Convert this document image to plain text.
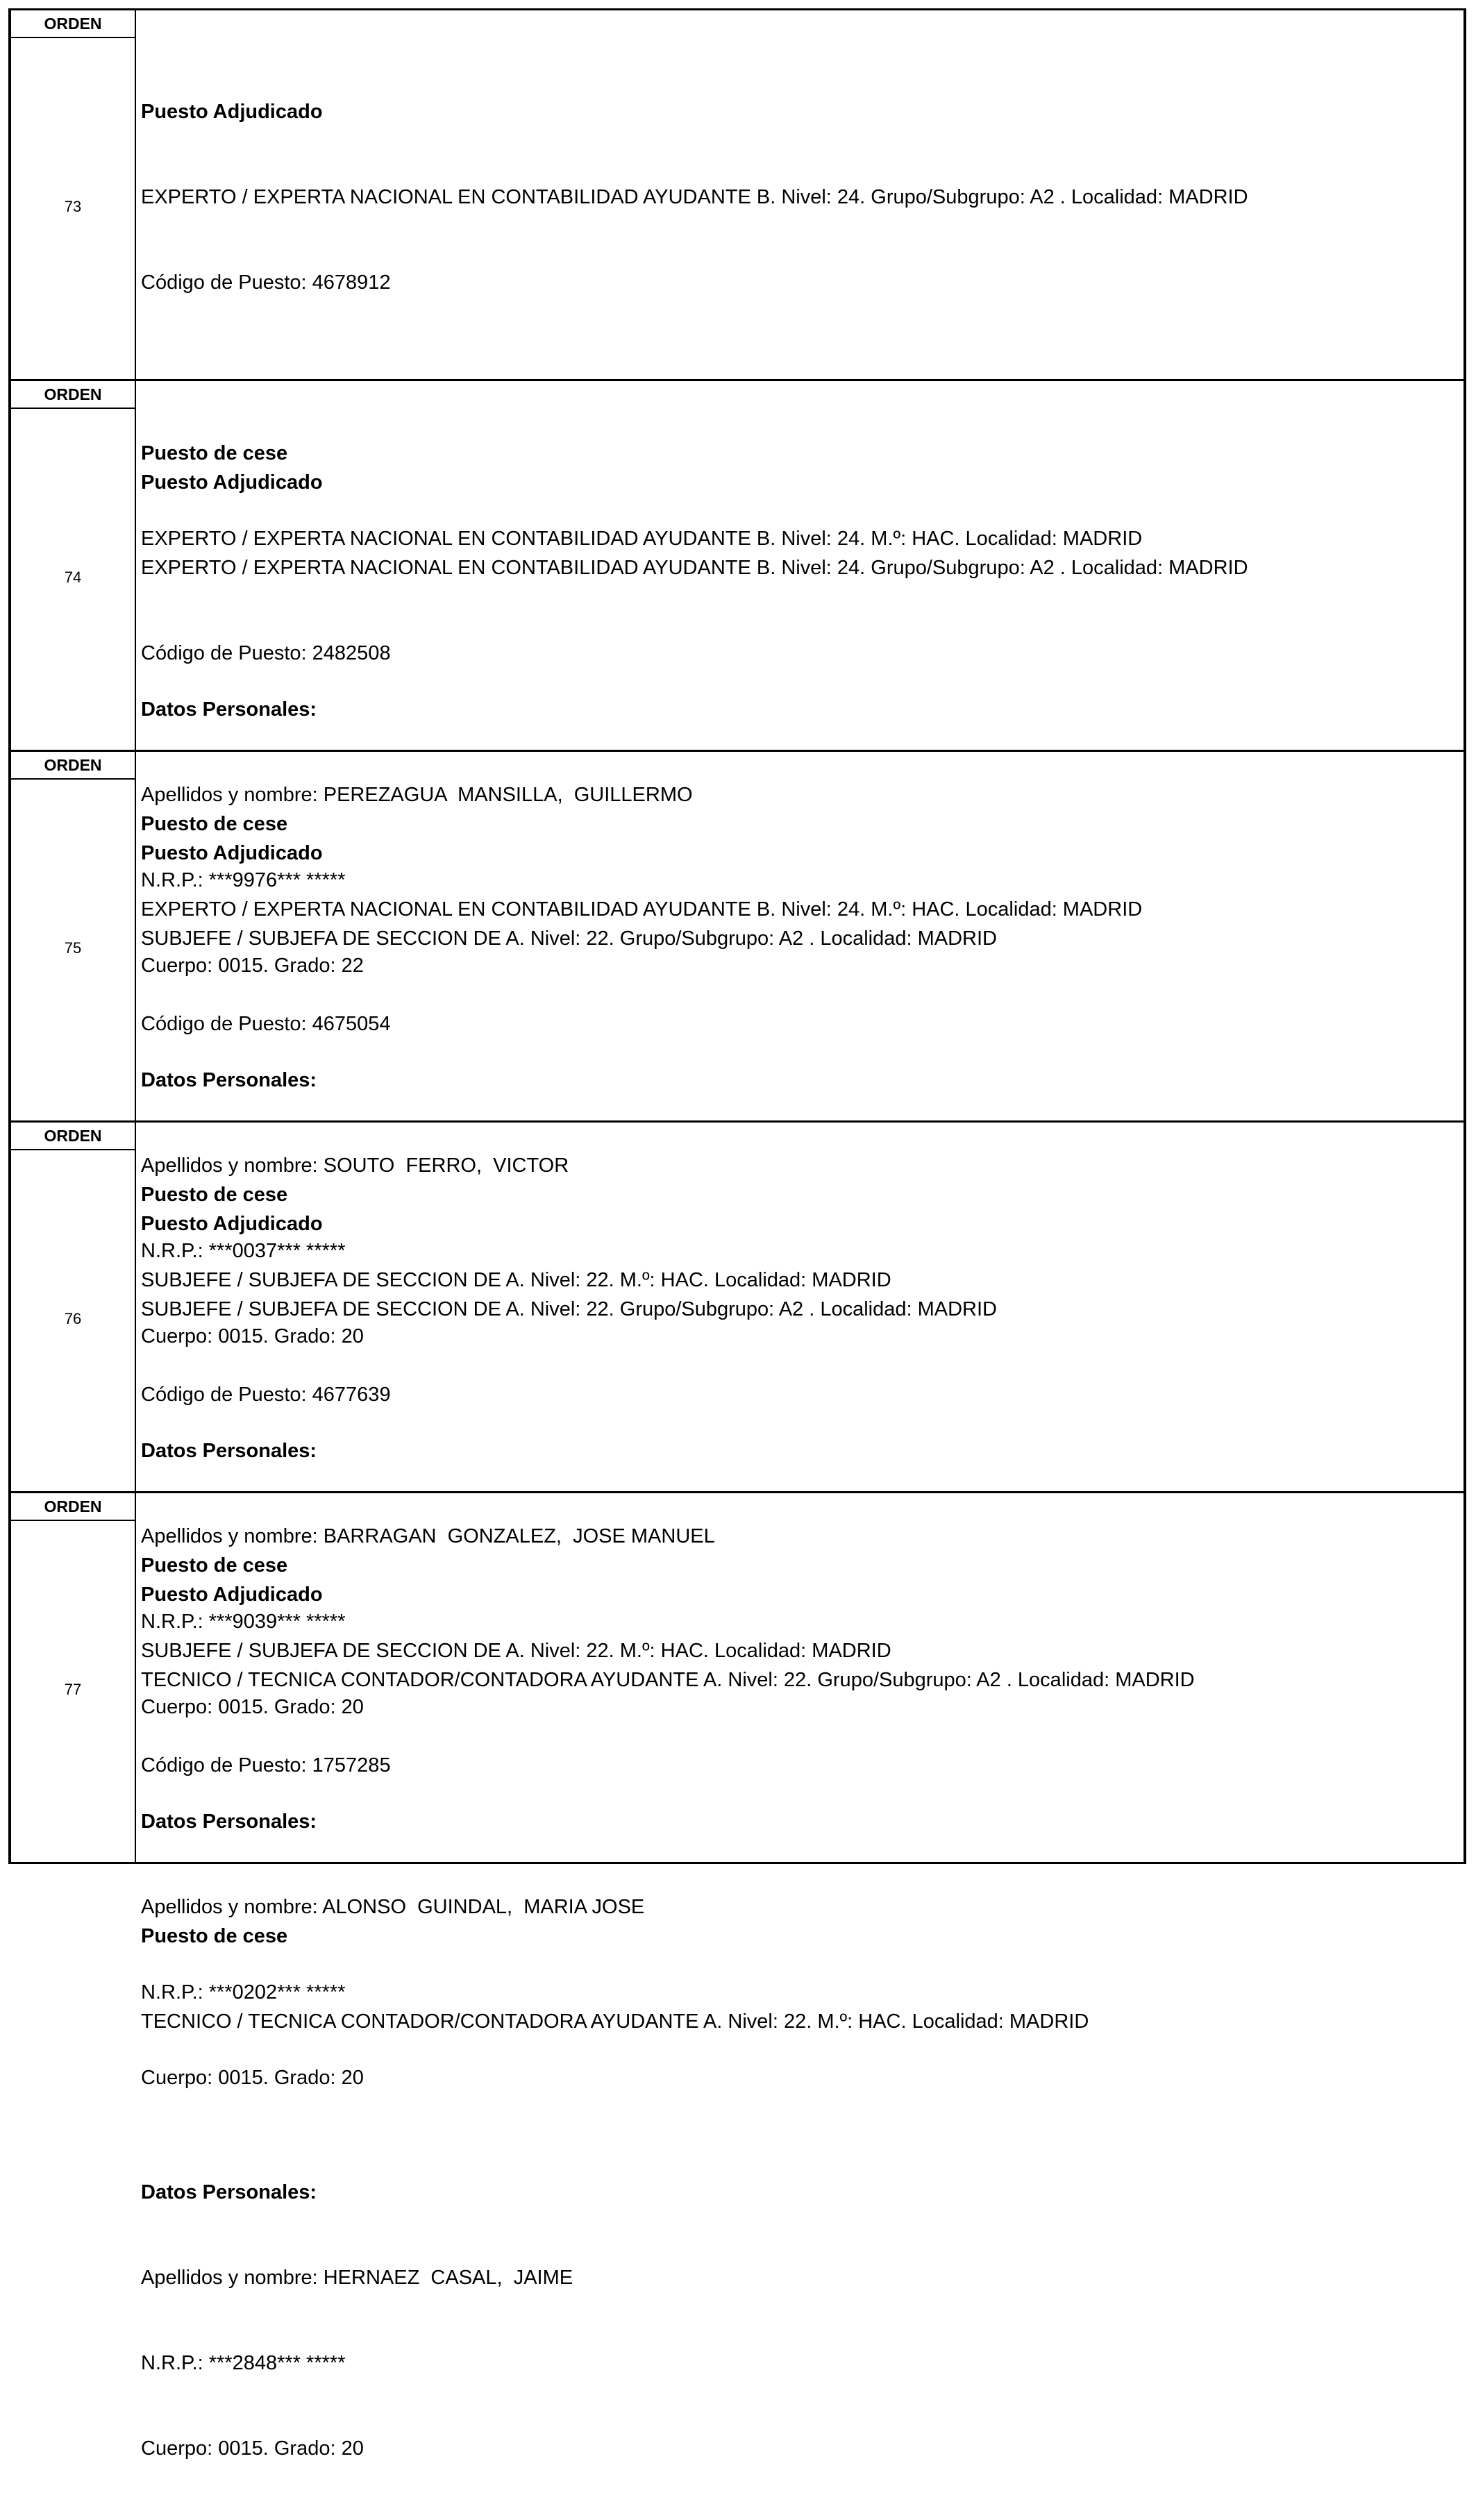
ORDEN
73

Puesto Adjudicado

EXPERTO / EXPERTA NACIONAL EN CONTABILIDAD AYUDANTE B. Nivel: 24. Grupo/Subgrupo: A2 . Localidad: MADRID

Código de Puesto: 4678912

Puesto de cese

EXPERTO / EXPERTA NACIONAL EN CONTABILIDAD AYUDANTE B. Nivel: 24. M.º: HAC. Localidad: MADRID

Datos Personales:

Apellidos y nombre: PEREZAGUA  MANSILLA,  GUILLERMO

N.R.P.: ***9976*** *****

Cuerpo: 0015. Grado: 22

ORDEN
74

Puesto Adjudicado

EXPERTO / EXPERTA NACIONAL EN CONTABILIDAD AYUDANTE B. Nivel: 24. Grupo/Subgrupo: A2 . Localidad: MADRID

Código de Puesto: 2482508

Puesto de cese

EXPERTO / EXPERTA NACIONAL EN CONTABILIDAD AYUDANTE B. Nivel: 24. M.º: HAC. Localidad: MADRID

Datos Personales:

Apellidos y nombre: SOUTO  FERRO,  VICTOR

N.R.P.: ***0037*** *****

Cuerpo: 0015. Grado: 20

ORDEN
75

Puesto Adjudicado

SUBJEFE / SUBJEFA DE SECCION DE A. Nivel: 22. Grupo/Subgrupo: A2 . Localidad: MADRID

Código de Puesto: 4675054

Puesto de cese

SUBJEFE / SUBJEFA DE SECCION DE A. Nivel: 22. M.º: HAC. Localidad: MADRID

Datos Personales:

Apellidos y nombre: BARRAGAN  GONZALEZ,  JOSE MANUEL

N.R.P.: ***9039*** *****

Cuerpo: 0015. Grado: 20

ORDEN
76

Puesto Adjudicado

SUBJEFE / SUBJEFA DE SECCION DE A. Nivel: 22. Grupo/Subgrupo: A2 . Localidad: MADRID

Código de Puesto: 4677639

Puesto de cese

SUBJEFE / SUBJEFA DE SECCION DE A. Nivel: 22. M.º: HAC. Localidad: MADRID

Datos Personales:

Apellidos y nombre: ALONSO  GUINDAL,  MARIA JOSE

N.R.P.: ***0202*** *****

Cuerpo: 0015. Grado: 20

ORDEN
77

Puesto Adjudicado

TECNICO / TECNICA CONTADOR/CONTADORA AYUDANTE A. Nivel: 22. Grupo/Subgrupo: A2 . Localidad: MADRID

Código de Puesto: 1757285

Puesto de cese

TECNICO / TECNICA CONTADOR/CONTADORA AYUDANTE A. Nivel: 22. M.º: HAC. Localidad: MADRID

Datos Personales:

Apellidos y nombre: HERNAEZ  CASAL,  JAIME

N.R.P.: ***2848*** *****

Cuerpo: 0015. Grado: 20
